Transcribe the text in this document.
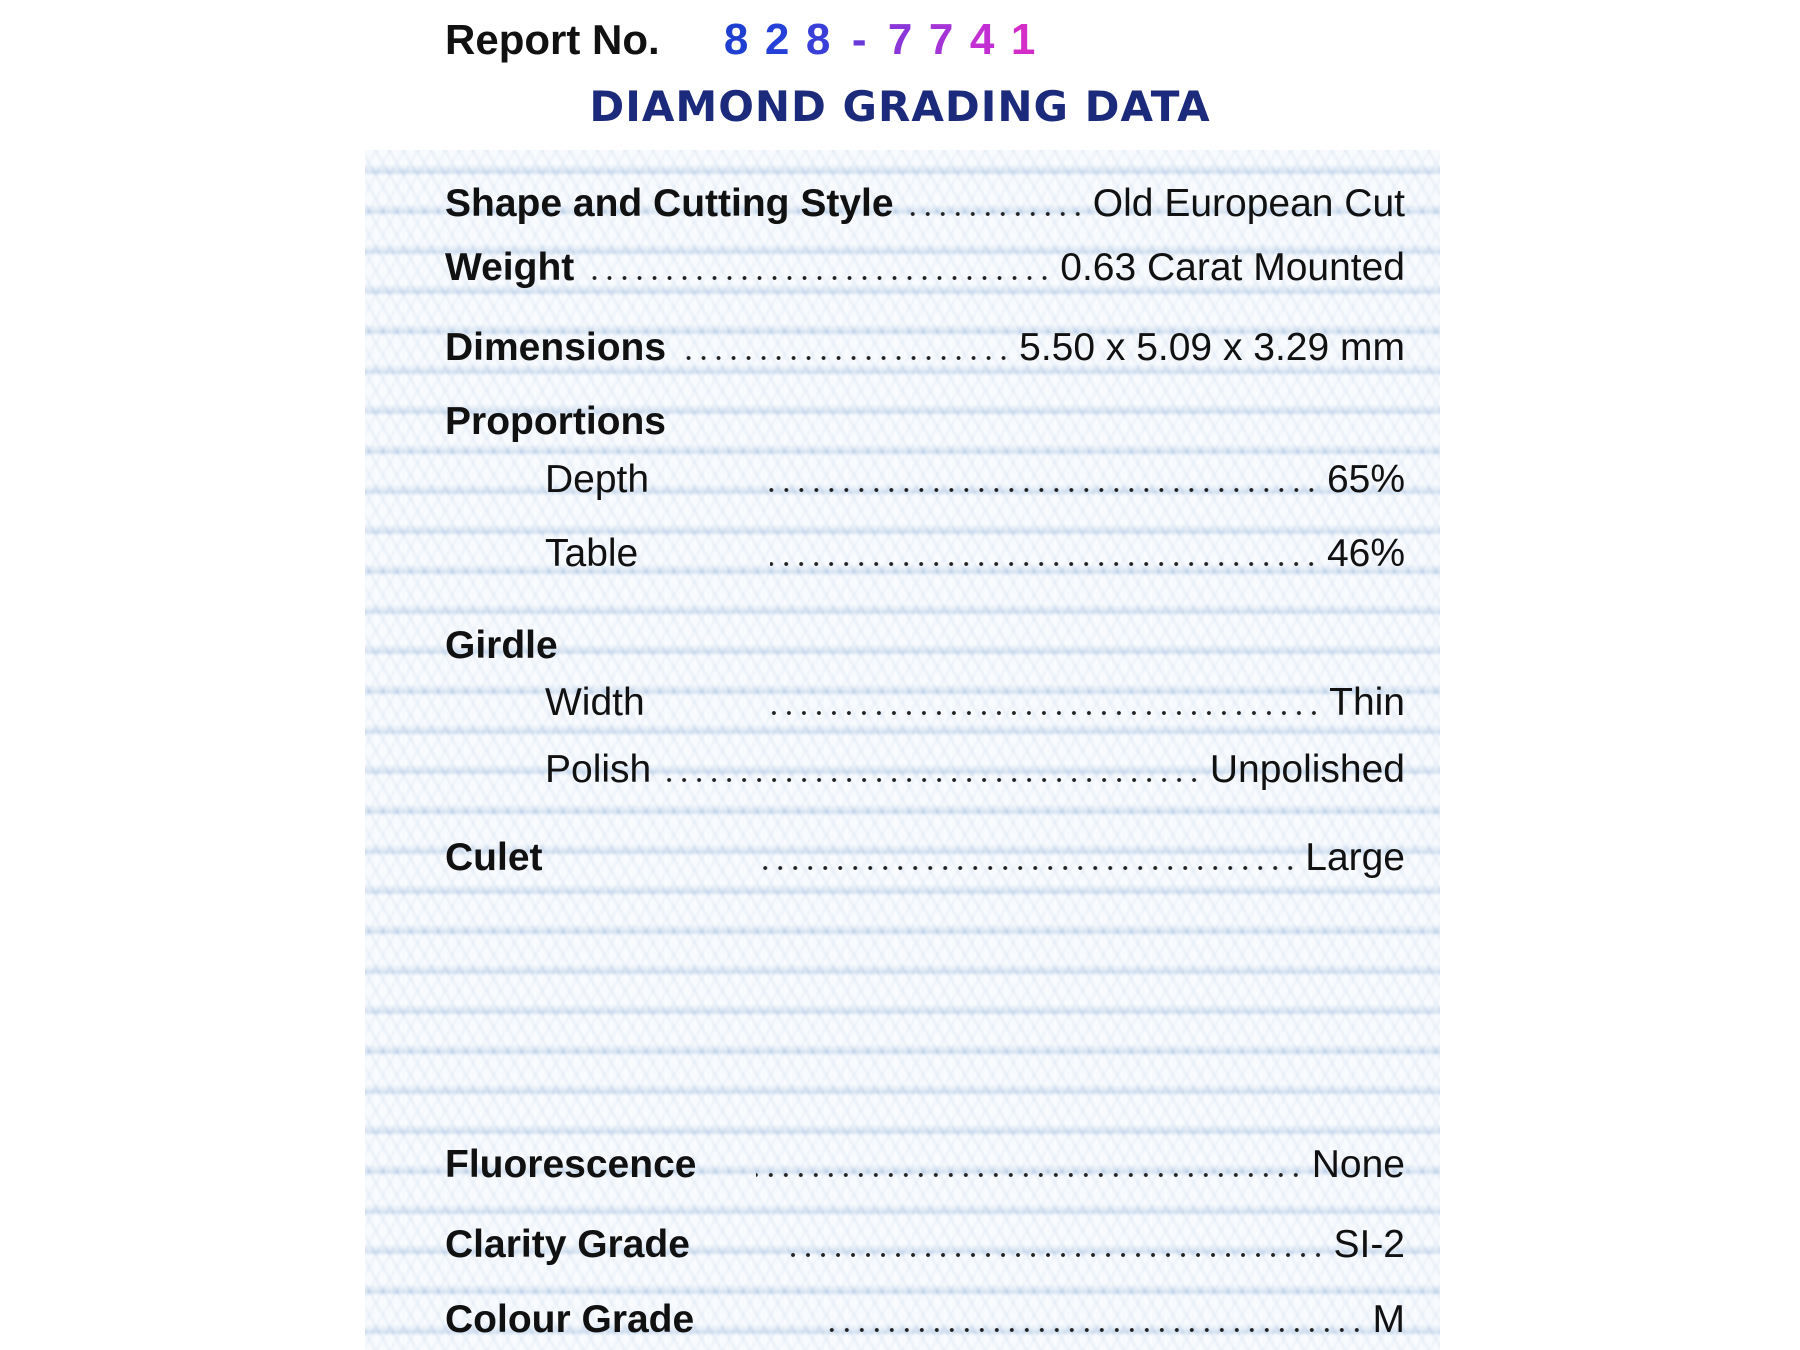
Report No. 8 2 8 - 7 7 4 1
DIAMOND GRADING DATA
Shape and Cutting Style	Old European Cut
Weight	0.63 Carat Mounted
Dimensions	5.50 x 5.09 x 3.29 mm
Proportions
Depth	65%
Table	46%
Girdle
Width	Thin
Polish	Unpolished
Culet	Large
Fluorescence	None
Clarity Grade	SI-2
Colour Grade	M
